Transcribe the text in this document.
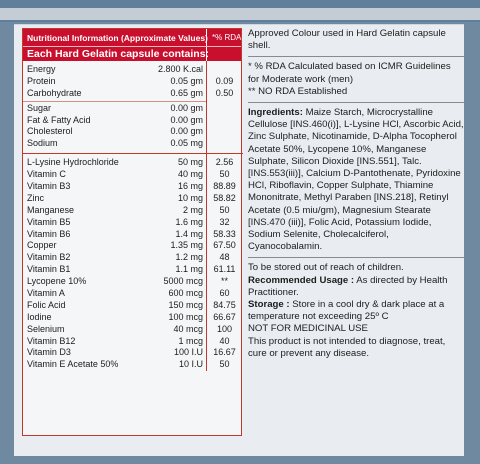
Nutritional Information (Approximate Values) *% RDA
Each Hard Gelatin capsule contains:
Energy	2.800 K.cal
Protein	0.05 gm	0.09
Carbohydrate	0.65 gm	0.50
Sugar	0.00 gm
Fat & Fatty Acid	0.00 gm
Cholesterol	0.00 gm
Sodium	0.05 mg
L-Lysine Hydrochloride	50 mg	2.56
Vitamin C	40 mg	50
Vitamin B3	16 mg	88.89
Zinc	10 mg	58.82
Manganese	2 mg	50
Vitamin B5	1.6 mg	32
Vitamin B6	1.4 mg	58.33
Copper	1.35 mg	67.50
Vitamin B2	1.2 mg	48
Vitamin B1	1.1 mg	61.11
Lycopene 10%	5000 mcg	**
Vitamin A	600 mcg	60
Folic Acid	150 mcg	84.75
Iodine	100 mcg	66.67
Selenium	40 mcg	100
Vitamin B12	1 mcg	40
Vitamin D3	100 I.U	16.67
Vitamin E Acetate 50%	10 I.U	50
Approved Colour used in Hard Gelatin capsule shell.
* % RDA Calculated based on ICMR Guidelines for Moderate work (men)
** NO RDA Established
Ingredients: Maize Starch, Microcrystalline Cellulose [INS.460(i)], L-Lysine HCl, Ascorbic Acid, Zinc Sulphate, Nicotinamide, D-Alpha Tocopherol Acetate 50%, Lycopene 10%, Manganese Sulphate, Silicon Dioxide [INS.551], Talc. [INS.553(iii)], Calcium D-Pantothenate, Pyridoxine HCl, Riboflavin, Copper Sulphate, Thiamine Mononitrate, Methyl Paraben [INS.218], Retinyl Acetate (0.5 miu/gm), Magnesium Stearate [INS.470 (iii)], Folic Acid, Potassium Iodide, Sodium Selenite, Cholecalciferol, Cyanocobalamin.
To be stored out of reach of children.
Recommended Usage : As directed by Health Practitioner.
Storage : Store in a cool dry & dark place at a temperature not exceeding 25º C
NOT FOR MEDICINAL USE
This product is not intended to diagnose, treat, cure or prevent any disease.
